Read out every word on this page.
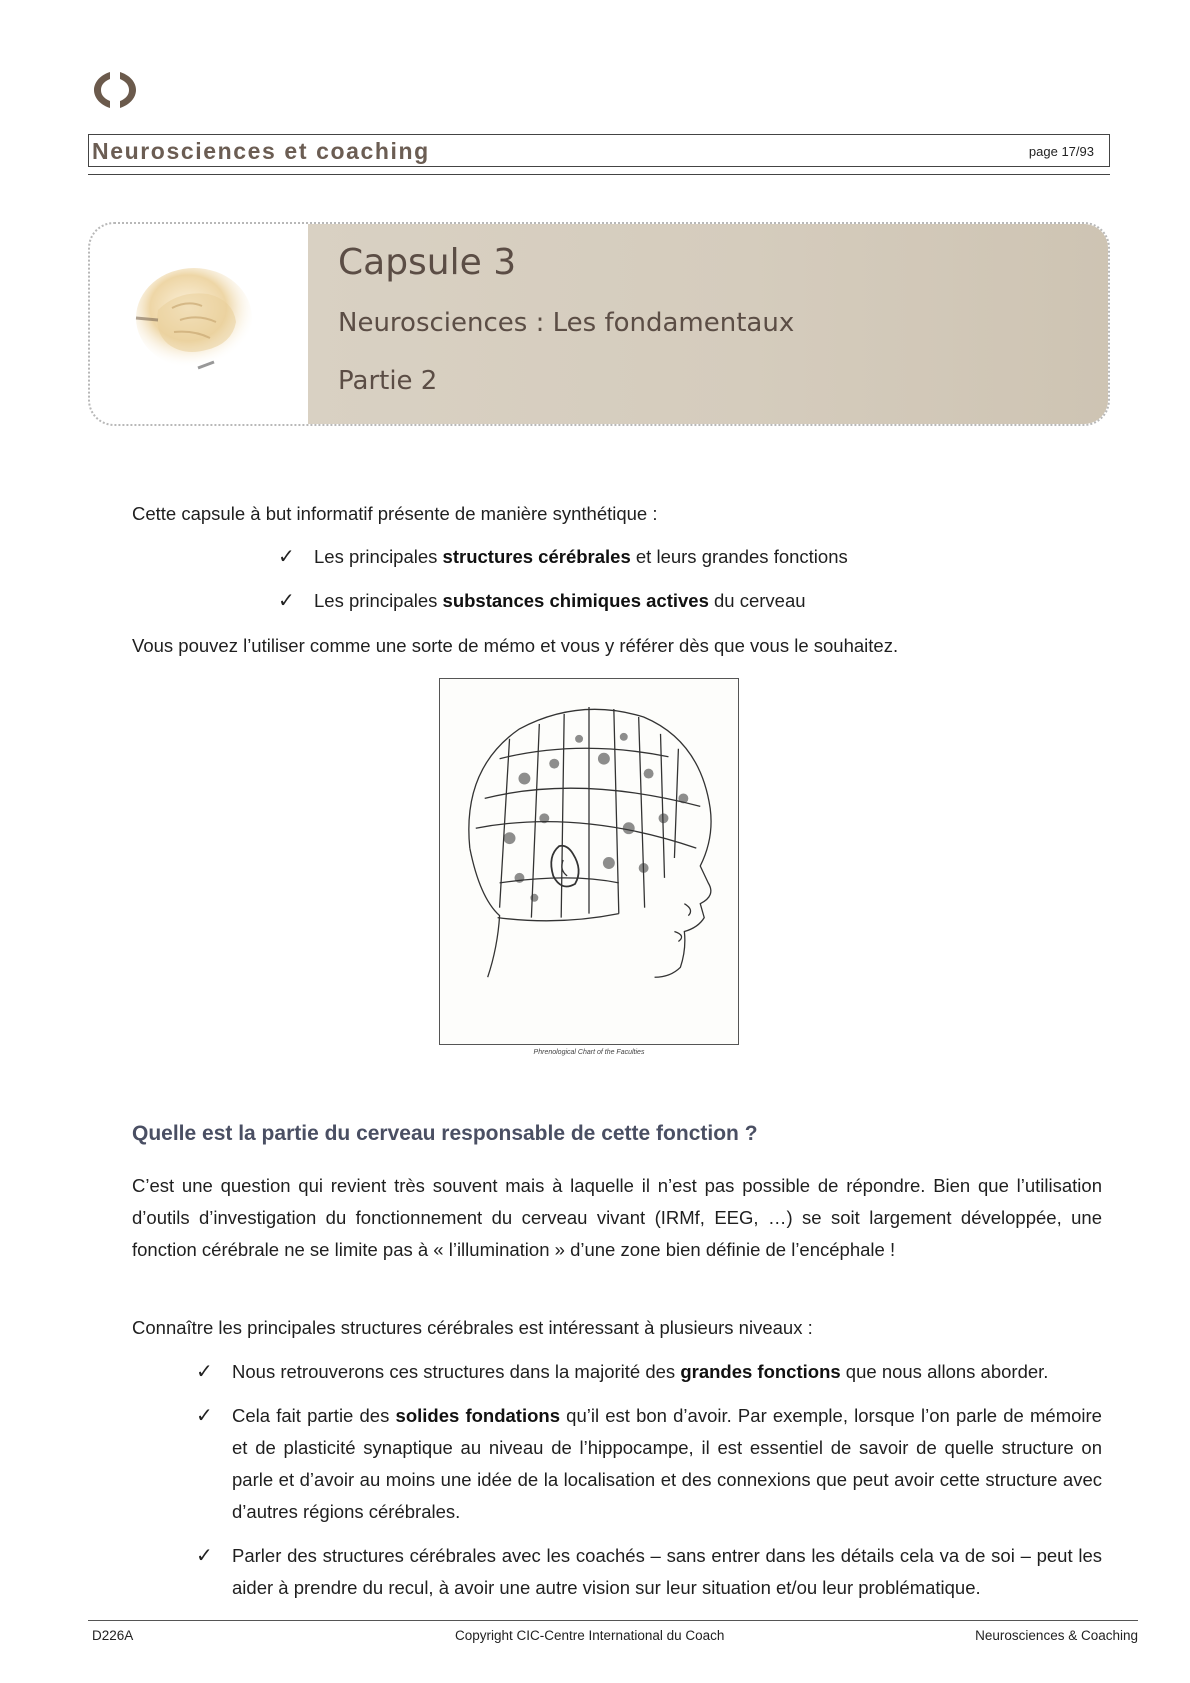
Neurosciences et coaching	page 17/93
Capsule 3
Neurosciences : Les fondamentaux
Partie 2
Cette capsule à but informatif présente de manière synthétique :
✓ Les principales structures cérébrales et leurs grandes fonctions
✓ Les principales substances chimiques actives du cerveau
Vous pouvez l’utiliser comme une sorte de mémo et vous y référer dès que vous le souhaitez.
Phrenological Chart of the Faculties
Quelle est la partie du cerveau responsable de cette fonction ?
C’est une question qui revient très souvent mais à laquelle il n’est pas possible de répondre. Bien que l’utilisation d’outils d’investigation du fonctionnement du cerveau vivant (IRMf, EEG, …) se soit largement développée, une fonction cérébrale ne se limite pas à « l’illumination » d’une zone bien définie de l’encéphale !
Connaître les principales structures cérébrales est intéressant à plusieurs niveaux :
✓ Nous retrouverons ces structures dans la majorité des grandes fonctions que nous allons aborder.
✓ Cela fait partie des solides fondations qu’il est bon d’avoir. Par exemple, lorsque l’on parle de mémoire et de plasticité synaptique au niveau de l’hippocampe, il est essentiel de savoir de quelle structure on parle et d’avoir au moins une idée de la localisation et des connexions que peut avoir cette structure avec d’autres régions cérébrales.
✓ Parler des structures cérébrales avec les coachés – sans entrer dans les détails cela va de soi – peut les aider à prendre du recul, à avoir une autre vision sur leur situation et/ou leur problématique.
D226A	Copyright CIC-Centre International du Coach	Neurosciences & Coaching
